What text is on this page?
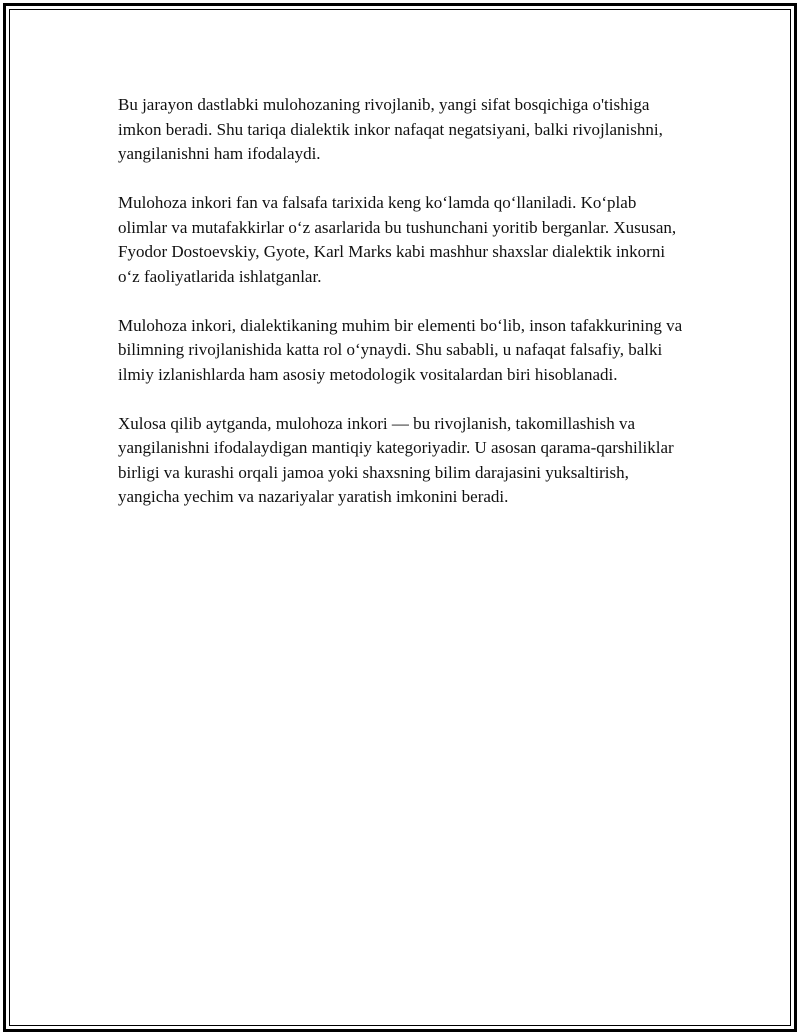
Bu jarayon dastlabki mulohozaning rivojlanib, yangi sifat bosqichiga o'tishiga imkon beradi. Shu tariqa dialektik inkor nafaqat negatsiyani, balki rivojlanishni, yangilanishni ham ifodalaydi.

Mulohoza inkori fan va falsafa tarixida keng koʻlamda qoʻllaniladi. Koʻplab olimlar va mutafakkirlar oʻz asarlarida bu tushunchani yoritib berganlar. Xususan, Fyodor Dostoevskiy, Gyote, Karl Marks kabi mashhur shaxslar dialektik inkorni oʻz faoliyatlarida ishlatganlar.

Mulohoza inkori, dialektikaning muhim bir elementi boʻlib, inson tafakkurining va bilimning rivojlanishida katta rol oʻynaydi. Shu sababli, u nafaqat falsafiy, balki ilmiy izlanishlarda ham asosiy metodologik vositalardan biri hisoblanadi.

Xulosa qilib aytganda, mulohoza inkori — bu rivojlanish, takomillashish va yangilanishni ifodalaydigan mantiqiy kategoriyadir. U asosan qarama-qarshiliklar birligi va kurashi orqali jamoa yoki shaxsning bilim darajasini yuksaltirish, yangicha yechim va nazariyalar yaratish imkonini beradi.
